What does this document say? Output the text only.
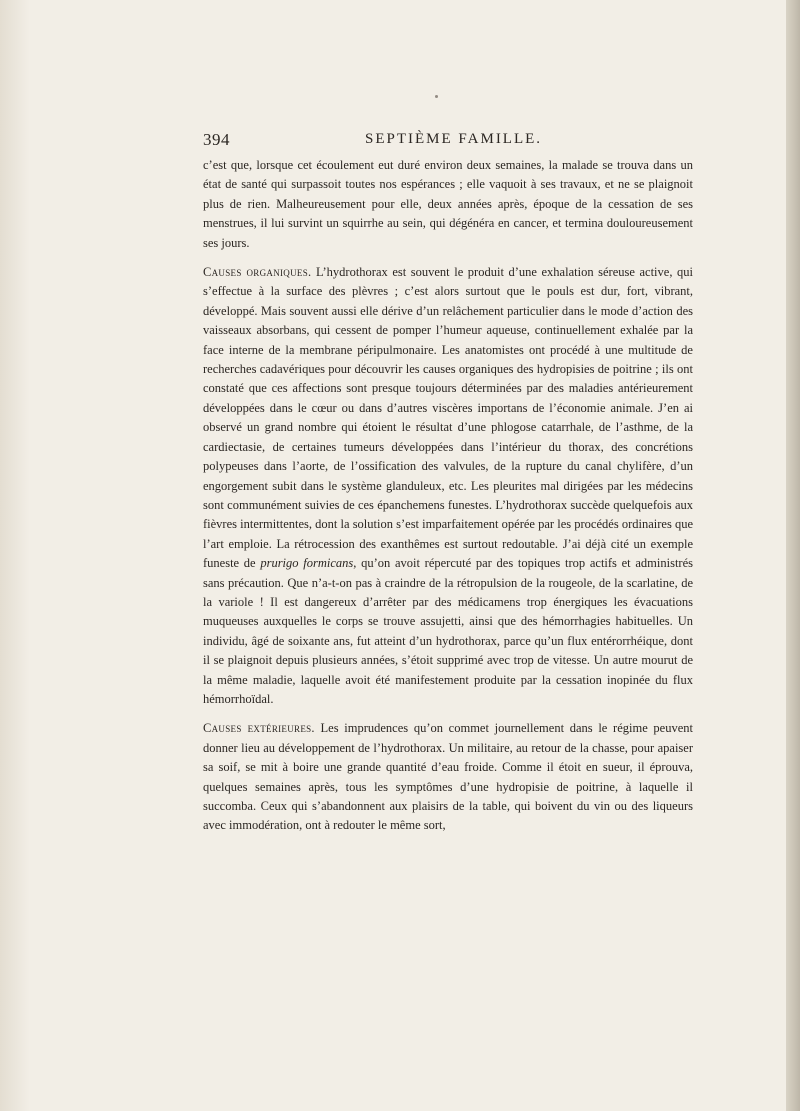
394	SEPTIÈME FAMILLE.

c’est que, lorsque cet écoulement eut duré environ deux semaines, la malade se trouva dans un état de santé qui surpassoit toutes nos espérances ; elle vaquoit à ses travaux, et ne se plaignoit plus de rien. Malheureusement pour elle, deux années après, époque de la cessation de ses menstrues, il lui survint un squirrhe au sein, qui dégénéra en cancer, et termina douloureusement ses jours.

Causes organiques. L’hydrothorax est souvent le produit d’une exhalation séreuse active, qui s’effectue à la surface des plèvres ; c’est alors surtout que le pouls est dur, fort, vibrant, développé. Mais souvent aussi elle dérive d’un relâchement particulier dans le mode d’action des vaisseaux absorbans, qui cessent de pomper l’humeur aqueuse, continuellement exhalée par la face interne de la membrane péripulmonaire. Les anatomistes ont procédé à une multitude de recherches cadavériques pour découvrir les causes organiques des hydropisies de poitrine ; ils ont constaté que ces affections sont presque toujours déterminées par des maladies antérieurement développées dans le cœur ou dans d’autres viscères importans de l’économie animale. J’en ai observé un grand nombre qui étoient le résultat d’une phlogose catarrhale, de l’asthme, de la cardiectasie, de certaines tumeurs développées dans l’intérieur du thorax, des concrétions polypeuses dans l’aorte, de l’ossification des valvules, de la rupture du canal chylifère, d’un engorgement subit dans le système glanduleux, etc. Les pleurites mal dirigées par les médecins sont communément suivies de ces épanchemens funestes. L’hydrothorax succède quelquefois aux fièvres intermittentes, dont la solution s’est imparfaitement opérée par les procédés ordinaires que l’art emploie. La rétrocession des exanthêmes est surtout redoutable. J’ai déjà cité un exemple funeste de prurigo formicans, qu’on avoit répercuté par des topiques trop actifs et administrés sans précaution. Que n’a-t-on pas à craindre de la rétropulsion de la rougeole, de la scarlatine, de la variole ! Il est dangereux d’arrêter par des médicamens trop énergiques les évacuations muqueuses auxquelles le corps se trouve assujetti, ainsi que des hémorrhagies habituelles. Un individu, âgé de soixante ans, fut atteint d’un hydrothorax, parce qu’un flux entérorrhéique, dont il se plaignoit depuis plusieurs années, s’étoit supprimé avec trop de vitesse. Un autre mourut de la même maladie, laquelle avoit été manifestement produite par la cessation inopinée du flux hémorrhoïdal.

Causes extérieures. Les imprudences qu’on commet journellement dans le régime peuvent donner lieu au développement de l’hydrothorax. Un militaire, au retour de la chasse, pour apaiser sa soif, se mit à boire une grande quantité d’eau froide. Comme il étoit en sueur, il éprouva, quelques semaines après, tous les symptômes d’une hydropisie de poitrine, à laquelle il succomba. Ceux qui s’abandonnent aux plaisirs de la table, qui boivent du vin ou des liqueurs avec immodération, ont à redouter le même sort,
